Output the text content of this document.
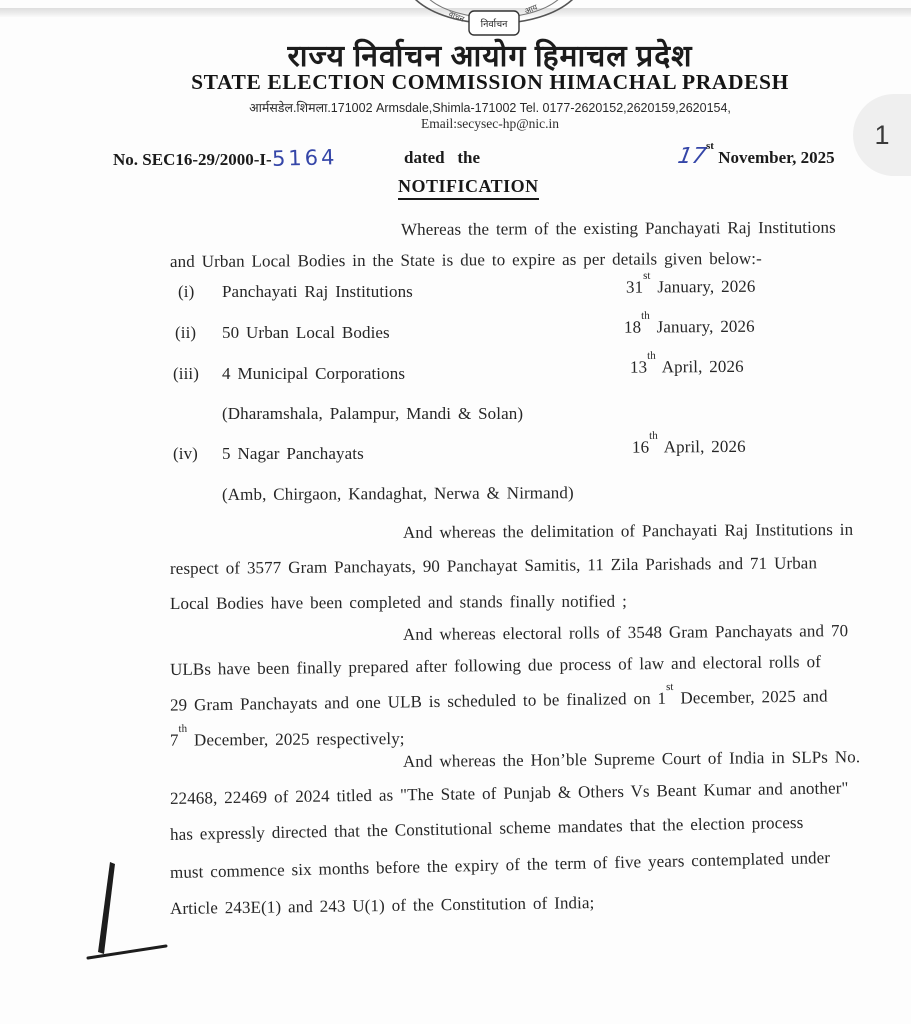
वाचन
आय
निर्वाचन
राज्य निर्वाचन आयोग हिमाचल प्रदेश
STATE ELECTION COMMISSION HIMACHAL PRADESH
आर्मसडेल.शिमला.171002 Armsdale,Shimla-171002 Tel. 0177-2620152,2620159,2620154,
Email:secysec-hp@nic.in	1
No. SEC16-29/2000-I-5164	dated the	17st November, 2025
NOTIFICATION
Whereas the term of the existing Panchayati Raj Institutions
and Urban Local Bodies in the State is due to expire as per details given below:-
(i) Panchayati Raj Institutions	31st January, 2026
(ii) 50 Urban Local Bodies	18th January, 2026
(iii) 4 Municipal Corporations	13th April, 2026
(Dharamshala, Palampur, Mandi & Solan)
(iv) 5 Nagar Panchayats	16th April, 2026
(Amb, Chirgaon, Kandaghat, Nerwa & Nirmand)
And whereas the delimitation of Panchayati Raj Institutions in
respect of 3577 Gram Panchayats, 90 Panchayat Samitis, 11 Zila Parishads and 71 Urban
Local Bodies have been completed and stands finally notified ;
And whereas electoral rolls of 3548 Gram Panchayats and 70
ULBs have been finally prepared after following due process of law and electoral rolls of
29 Gram Panchayats and one ULB is scheduled to be finalized on 1st December, 2025 and
7th December, 2025 respectively;
And whereas the Hon’ble Supreme Court of India in SLPs No.
22468, 22469 of 2024 titled as "The State of Punjab & Others Vs Beant Kumar and another"
has expressly directed that the Constitutional scheme mandates that the election process
must commence six months before the expiry of the term of five years contemplated under
Article 243E(1) and 243 U(1) of the Constitution of India;
